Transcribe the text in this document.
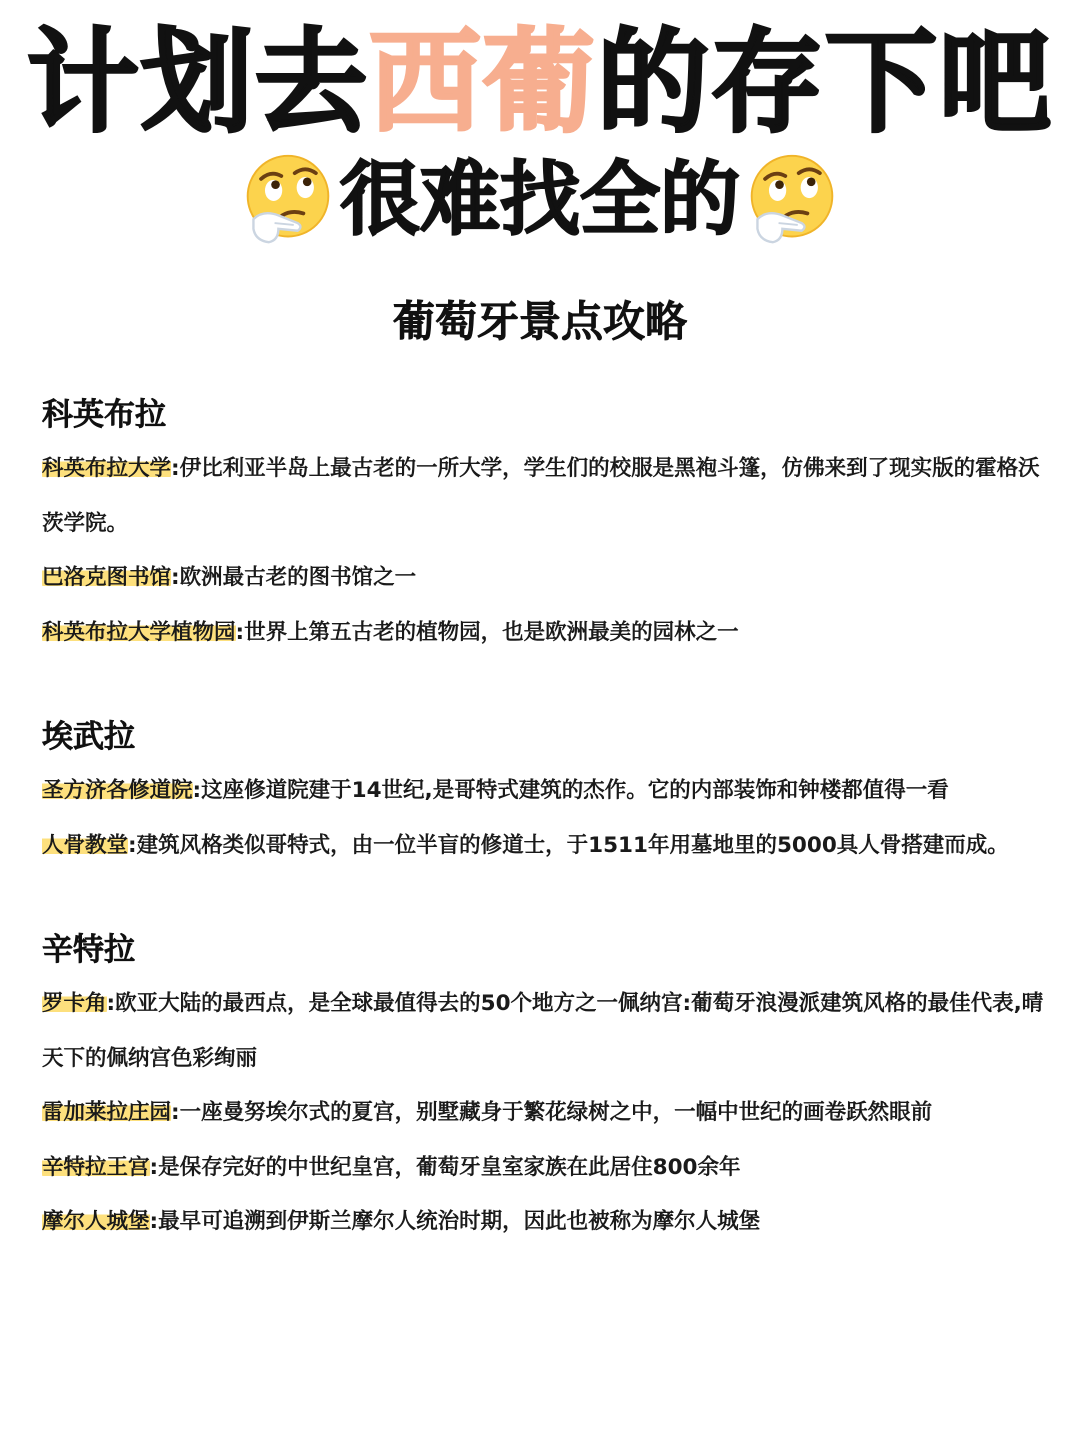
计划去西葡的存下吧
很难找全的
葡萄牙景点攻略
科英布拉
科英布拉大学:伊比利亚半岛上最古老的一所大学，学生们的校服是黑袍斗篷，仿佛来到了现实版的霍格沃茨学院。
巴洛克图书馆:欧洲最古老的图书馆之一
科英布拉大学植物园:世界上第五古老的植物园，也是欧洲最美的园林之一
埃武拉
圣方济各修道院:这座修道院建于14世纪,是哥特式建筑的杰作。它的内部装饰和钟楼都值得一看
人骨教堂:建筑风格类似哥特式，由一位半盲的修道士，于1511年用墓地里的5000具人骨搭建而成。
辛特拉
罗卡角:欧亚大陆的最西点，是全球最值得去的50个地方之一佩纳宫:葡萄牙浪漫派建筑风格的最佳代表,晴天下的佩纳宫色彩绚丽
雷加莱拉庄园:一座曼努埃尔式的夏宫，别墅藏身于繁花绿树之中，一幅中世纪的画卷跃然眼前
辛特拉王宫:是保存完好的中世纪皇宫，葡萄牙皇室家族在此居住800余年
摩尔人城堡:最早可追溯到伊斯兰摩尔人统治时期，因此也被称为摩尔人城堡
